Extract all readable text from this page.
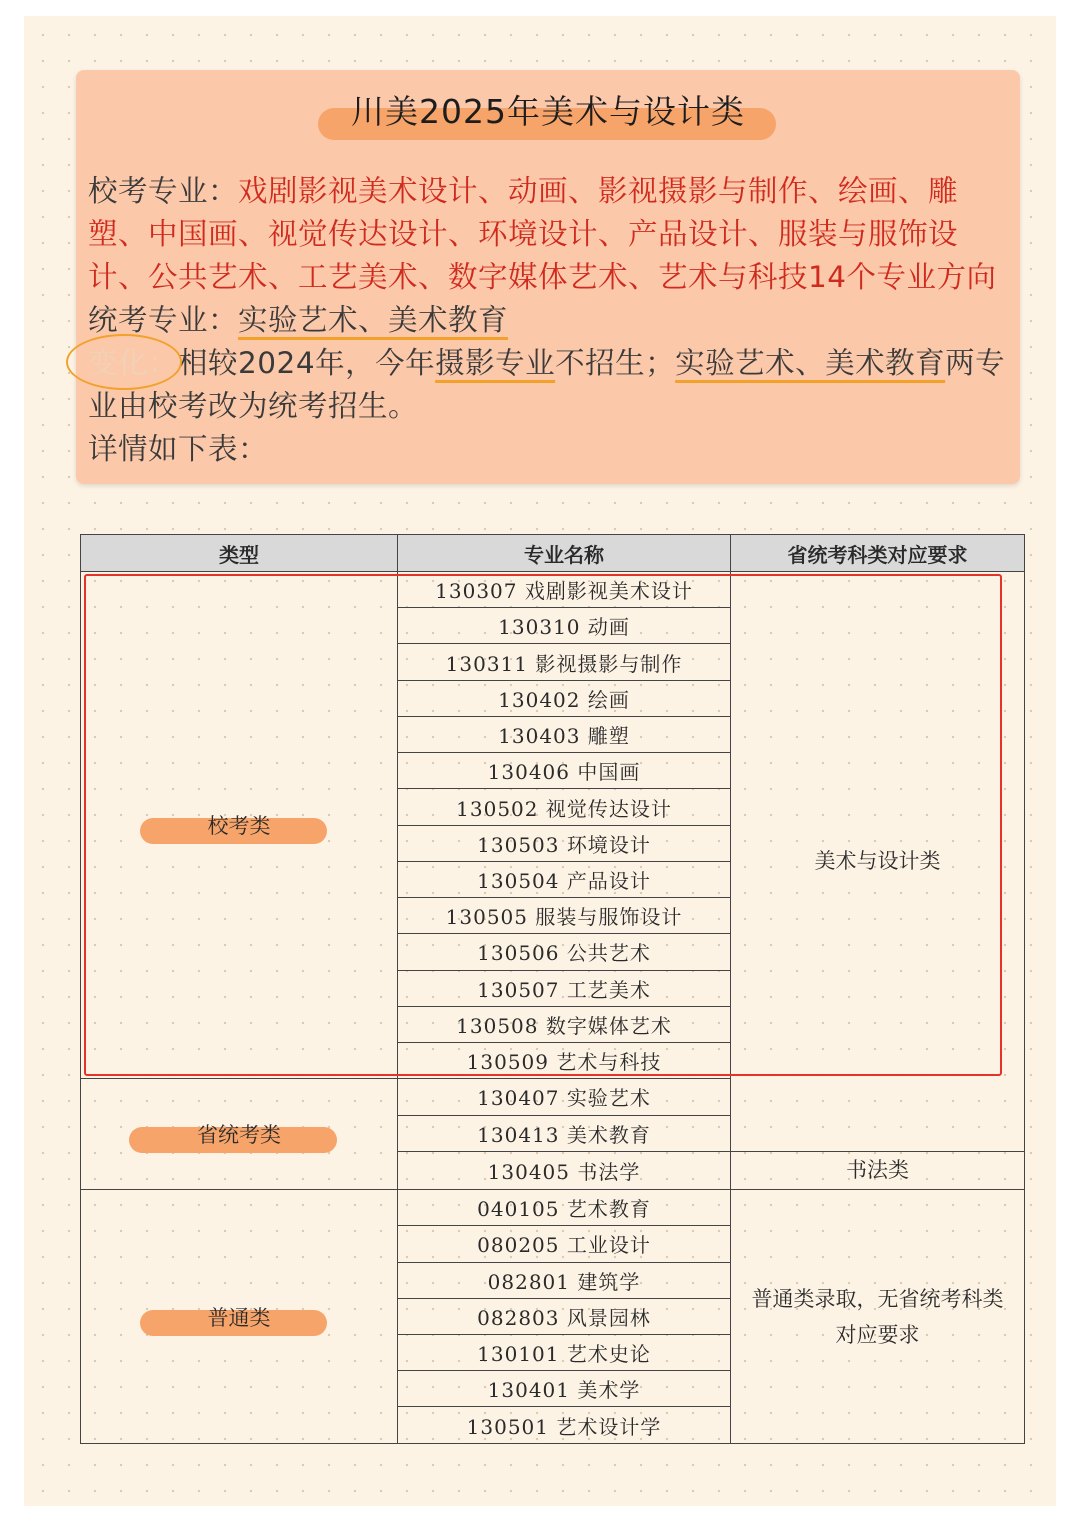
川美2025年美术与设计类
校考专业：戏剧影视美术设计、动画、影视摄影与制作、绘画、雕塑、中国画、视觉传达设计、环境设计、产品设计、服装与服饰设计、公共艺术、工艺美术、数字媒体艺术、艺术与科技14个专业方向
统考专业：实验艺术、美术教育
变化：相较2024年，今年摄影专业不招生；实验艺术、美术教育两专业由校考改为统考招生。
详情如下表：
类型	专业名称	省统考科类对应要求

校考类	130307 戏剧影视美术设计	美术与设计类
	130310 动画	
	130311 影视摄影与制作	
	130402 绘画	
	130403 雕塑	
	130406 中国画	
	130502 视觉传达设计	
	130503 环境设计	
	130504 产品设计	
	130505 服装与服饰设计	
	130506 公共艺术	
	130507 工艺美术	
	130508 数字媒体艺术	
	130509 艺术与科技	

省统考类	130407 实验艺术	
	130413 美术教育	
	130405 书法学	书法类

普通类	040105 艺术教育	普通类录取，无省统考科类对应要求

	080205 工业设计	
	082801 建筑学	
	082803 风景园林	
	130101 艺术史论	
	130401 美术学	
	130501 艺术设计学	
